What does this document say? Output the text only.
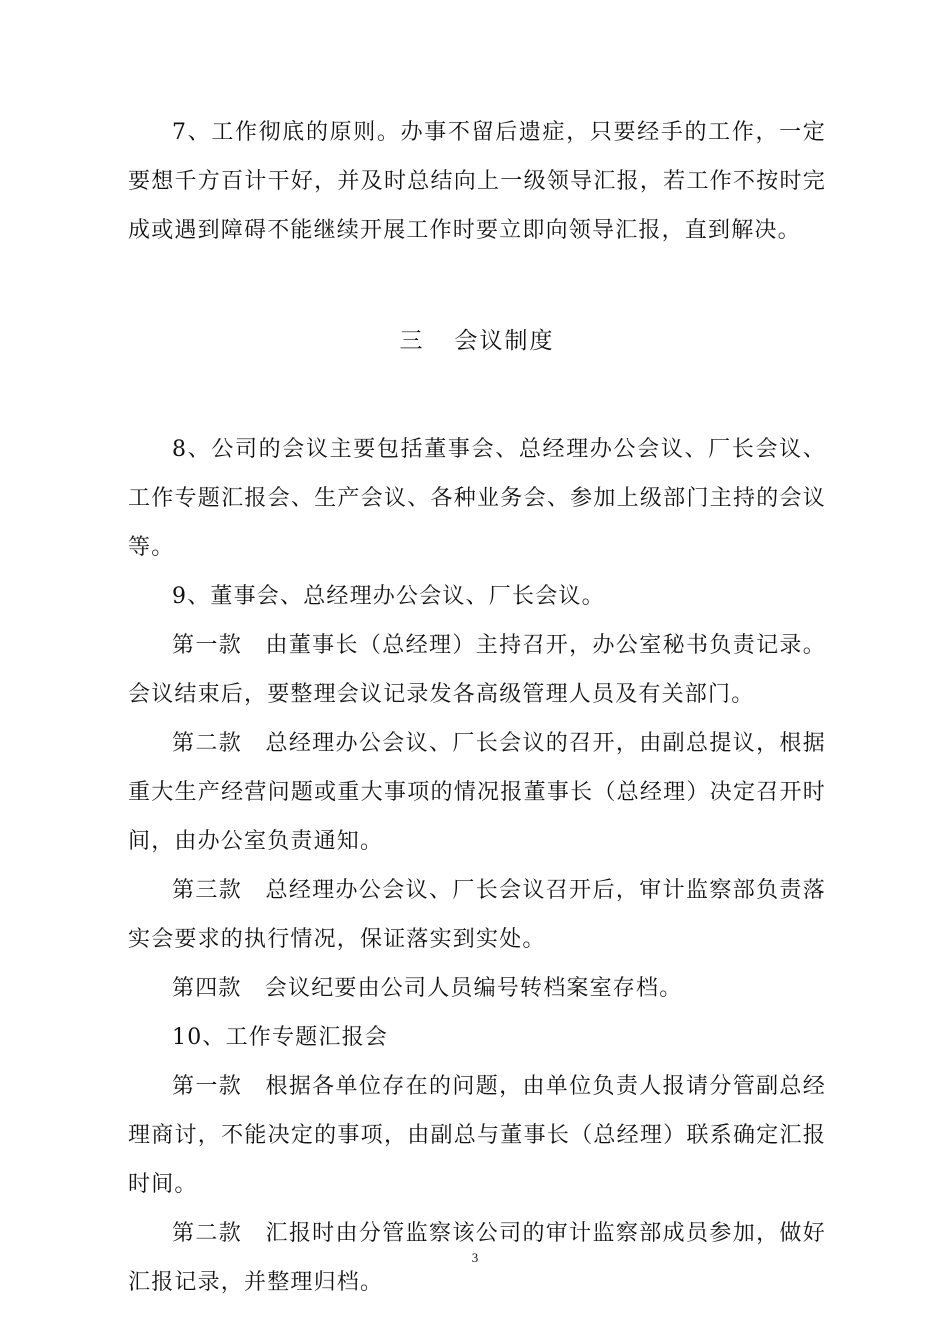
7、工作彻底的原则。办事不留后遗症，只要经手的工作，一定要想千方百计干好，并及时总结向上一级领导汇报，若工作不按时完成或遇到障碍不能继续开展工作时要立即向领导汇报，直到解决。

三 会议制度

8、公司的会议主要包括董事会、总经理办公会议、厂长会议、工作专题汇报会、生产会议、各种业务会、参加上级部门主持的会议等。

9、董事会、总经理办公会议、厂长会议。

第一款　由董事长（总经理）主持召开，办公室秘书负责记录。会议结束后，要整理会议记录发各高级管理人员及有关部门。

第二款　总经理办公会议、厂长会议的召开，由副总提议，根据重大生产经营问题或重大事项的情况报董事长（总经理）决定召开时间，由办公室负责通知。

第三款　总经理办公会议、厂长会议召开后，审计监察部负责落实会要求的执行情况，保证落实到实处。

第四款　会议纪要由公司人员编号转档案室存档。

10、工作专题汇报会

第一款　根据各单位存在的问题，由单位负责人报请分管副总经理商讨，不能决定的事项，由副总与董事长（总经理）联系确定汇报时间。

第二款　汇报时由分管监察该公司的审计监察部成员参加，做好汇报记录，并整理归档。

3
